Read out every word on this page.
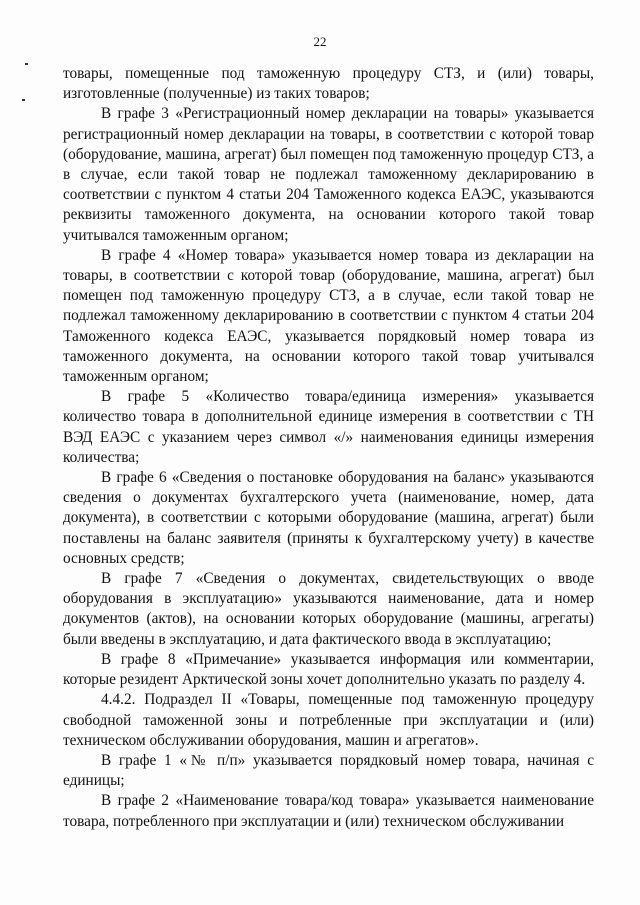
22

товары, помещенные под таможенную процедуру СТЗ, и (или) товары, изготовленные (полученные) из таких товаров;

В графе 3 «Регистрационный номер декларации на товары» указывается регистрационный номер декларации на товары, в соответствии с которой товар (оборудование, машина, агрегат) был помещен под таможенную процедур СТЗ, а в случае, если такой товар не подлежал таможенному декларированию в соответствии с пунктом 4 статьи 204 Таможенного кодекса ЕАЭС, указываются реквизиты таможенного документа, на основании которого такой товар учитывался таможенным органом;

В графе 4 «Номер товара» указывается номер товара из декларации на товары, в соответствии с которой товар (оборудование, машина, агрегат) был помещен под таможенную процедуру СТЗ, а в случае, если такой товар не подлежал таможенному декларированию в соответствии с пунктом 4 статьи 204 Таможенного кодекса ЕАЭС, указывается порядковый номер товара из таможенного документа, на основании которого такой товар учитывался таможенным органом;

В графе 5 «Количество товара/единица измерения» указывается количество товара в дополнительной единице измерения в соответствии с ТН ВЭД ЕАЭС с указанием через символ «/» наименования единицы измерения количества;

В графе 6 «Сведения о постановке оборудования на баланс» указываются сведения о документах бухгалтерского учета (наименование, номер, дата документа), в соответствии с которыми оборудование (машина, агрегат) были поставлены на баланс заявителя (приняты к бухгалтерскому учету) в качестве основных средств;

В графе 7 «Сведения о документах, свидетельствующих о вводе оборудования в эксплуатацию» указываются наименование, дата и номер документов (актов), на основании которых оборудование (машины, агрегаты) были введены в эксплуатацию, и дата фактического ввода в эксплуатацию;

В графе 8 «Примечание» указывается информация или комментарии, которые резидент Арктической зоны хочет дополнительно указать по разделу 4.

4.4.2. Подраздел II «Товары, помещенные под таможенную процедуру свободной таможенной зоны и потребленные при эксплуатации и (или) техническом обслуживании оборудования, машин и агрегатов».

В графе 1 «№ п/п» указывается порядковый номер товара, начиная с единицы;

В графе 2 «Наименование товара/код товара» указывается наименование товара, потребленного при эксплуатации и (или) техническом обслуживании
